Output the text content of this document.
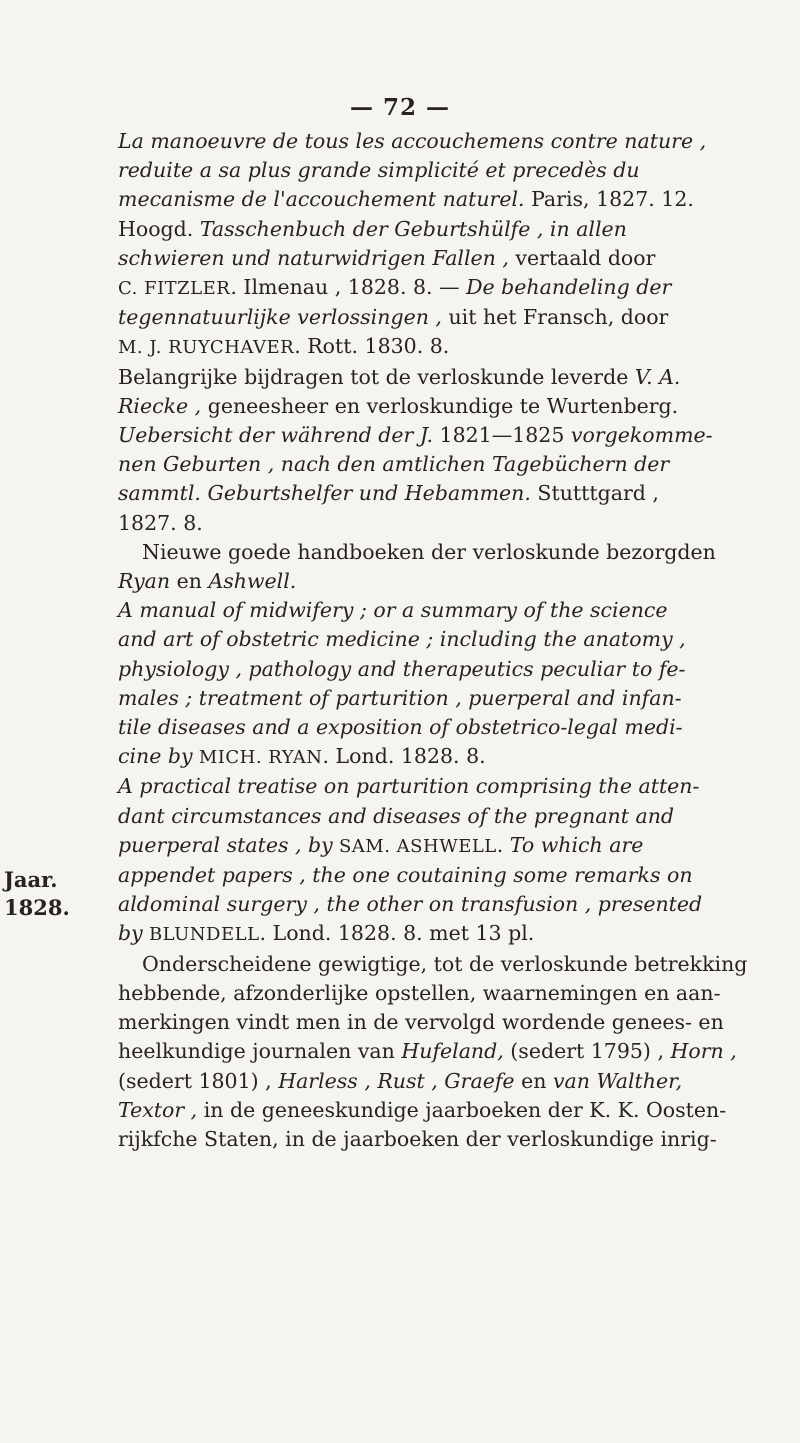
— 72 —
Jaar.
1828.
La manoeuvre de tous les accouchemens contre nature ,
reduite a sa plus grande simplicité et precedès du
mecanisme de l'accouchement naturel. Paris, 1827. 12.
Hoogd. Tasschenbuch der Geburtshülfe , in allen
schwieren und naturwidrigen Fallen , vertaald door
C. FITZLER. Ilmenau , 1828. 8. — De behandeling der
tegennatuurlijke verlossingen , uit het Fransch, door
M. J. RUYCHAVER. Rott. 1830. 8.
Belangrijke bijdragen tot de verloskunde leverde V. A.
Riecke , geneesheer en verloskundige te Wurtenberg.
Uebersicht der während der J. 1821—1825 vorgekomme-
nen Geburten , nach den amtlichen Tagebüchern der
sammtl. Geburtshelfer und Hebammen. Stutttgard ,
1827. 8.
Nieuwe goede handboeken der verloskunde bezorgden
Ryan en Ashwell.
A manual of midwifery ; or a summary of the science
and art of obstetric medicine ; including the anatomy ,
physiology , pathology and therapeutics peculiar to fe-
males ; treatment of parturition , puerperal and infan-
tile diseases and a exposition of obstetrico-legal medi-
cine by MICH. RYAN. Lond. 1828. 8.
A practical treatise on parturition comprising the atten-
dant circumstances and diseases of the pregnant and
puerperal states , by SAM. ASHWELL. To which are
appendet papers , the one coutaining some remarks on
aldominal surgery , the other on transfusion , presented
by BLUNDELL. Lond. 1828. 8. met 13 pl.
Onderscheidene gewigtige, tot de verloskunde betrekking
hebbende, afzonderlijke opstellen, waarnemingen en aan-
merkingen vindt men in de vervolgd wordende genees- en
heelkundige journalen van Hufeland, (sedert 1795) , Horn ,
(sedert 1801) , Harless , Rust , Graefe en van Walther,
Textor , in de geneeskundige jaarboeken der K. K. Oosten-
rijkfche Staten, in de jaarboeken der verloskundige inrig-
